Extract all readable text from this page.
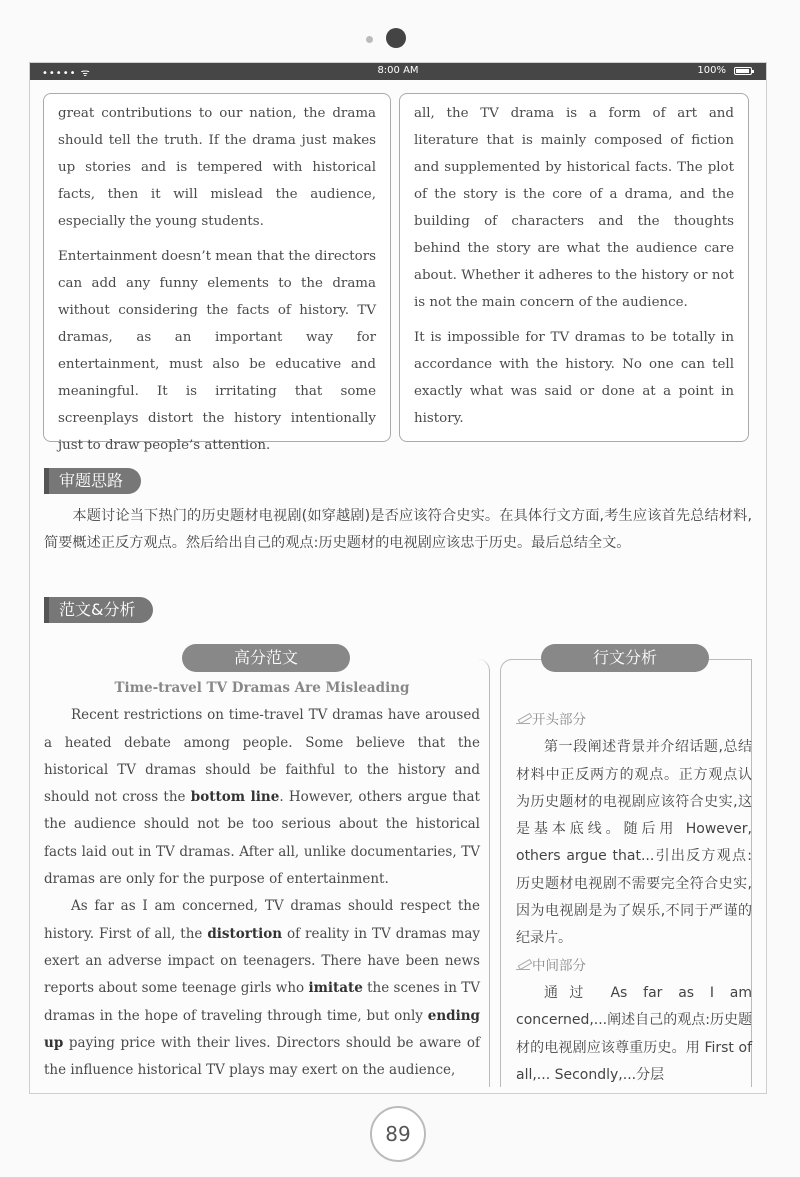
••••• ᯤ	8:00 AM	100%

great contributions to our nation, the drama should tell the truth. If the drama just makes up stories and is tempered with historical facts, then it will mislead the audience, especially the young students.

Entertainment doesn’t mean that the directors can add any funny elements to the drama without considering the facts of history. TV dramas, as an important way for entertainment, must also be educative and meaningful. It is irritating that some screenplays distort the history intentionally just to draw people’s attention.

all, the TV drama is a form of art and literature that is mainly composed of fiction and supplemented by historical facts. The plot of the story is the core of a drama, and the building of characters and the thoughts behind the story are what the audience care about. Whether it adheres to the history or not is not the main concern of the audience.

It is impossible for TV dramas to be totally in accordance with the history. No one can tell exactly what was said or done at a point in history.

审题思路

本题讨论当下热门的历史题材电视剧(如穿越剧)是否应该符合史实。在具体行文方面,考生应该首先总结材料,简要概述正反方观点。然后给出自己的观点:历史题材的电视剧应该忠于历史。最后总结全文。

范文&分析
高分范文	行文分析
Time-travel TV Dramas Are Misleading

Recent restrictions on time-travel TV dramas have aroused a heated debate among people. Some believe that the historical TV dramas should be faithful to the history and should not cross the bottom line. However, others argue that the audience should not be too serious about the historical facts laid out in TV dramas. After all, unlike documentaries, TV dramas are only for the purpose of entertainment.

As far as I am concerned, TV dramas should respect the history. First of all, the distortion of reality in TV dramas may exert an adverse impact on teenagers. There have been news reports about some teenage girls who imitate the scenes in TV dramas in the hope of traveling through time, but only ending up paying price with their lives. Directors should be aware of the influence historical TV plays may exert on the audience,

开头部分

第一段阐述背景并介绍话题,总结材料中正反两方的观点。正方观点认为历史题材的电视剧应该符合史实,这是基本底线。随后用 However, others argue that...引出反方观点:历史题材电视剧不需要完全符合史实,因为电视剧是为了娱乐,不同于严谨的纪录片。

中间部分

通过 As far as I am concerned,...阐述自己的观点:历史题材的电视剧应该尊重历史。用 First of all,... Secondly,...分层

89
